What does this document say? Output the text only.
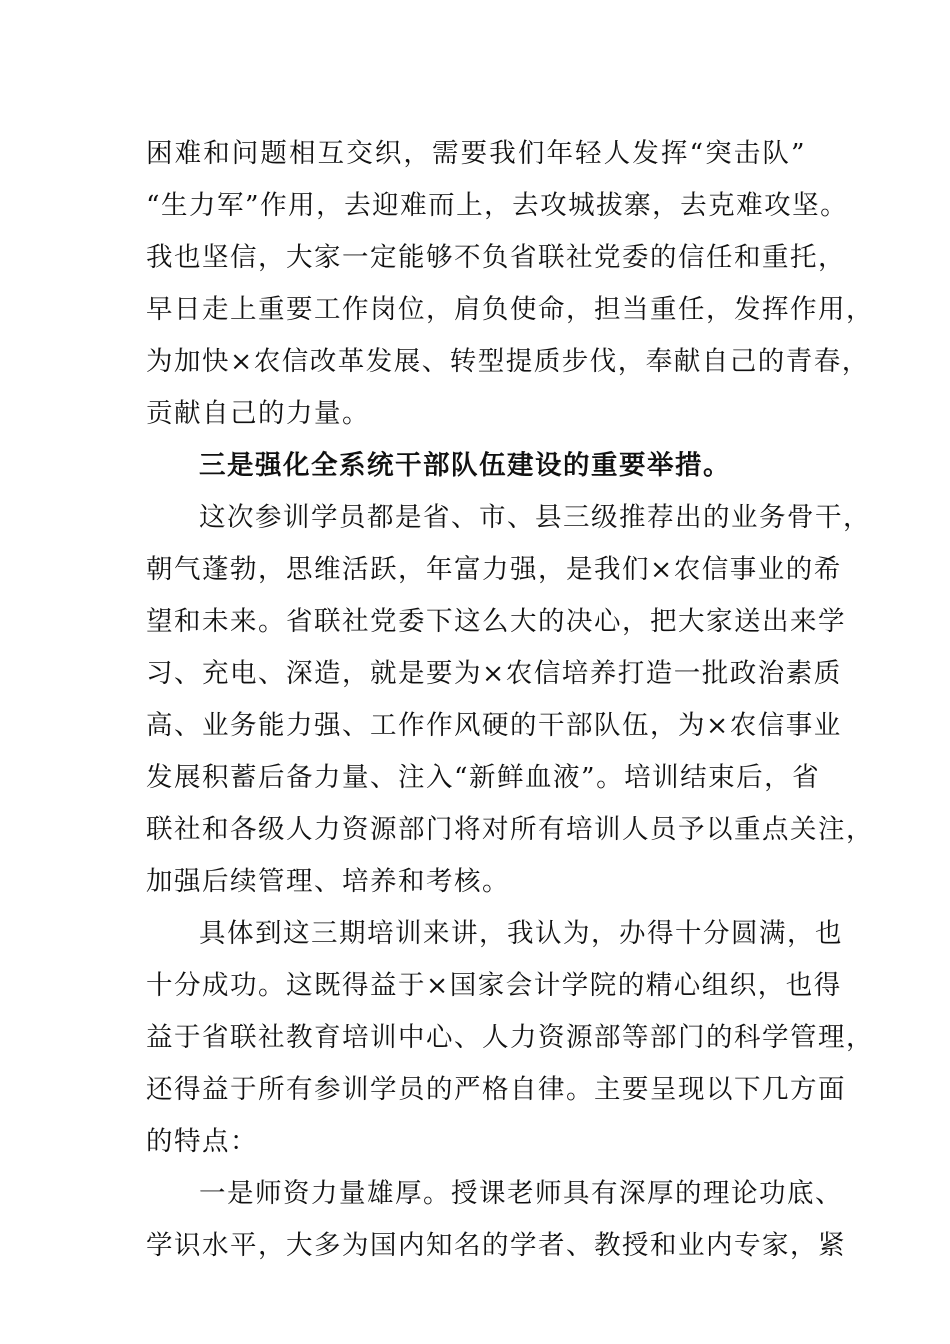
困难和问题相互交织，需要我们年轻人发挥“突击队”
“生力军”作用，去迎难而上，去攻城拔寨，去克难攻坚。
我也坚信，大家一定能够不负省联社党委的信任和重托，
早日走上重要工作岗位，肩负使命，担当重任，发挥作用，
为加快×农信改革发展、转型提质步伐，奉献自己的青春，
贡献自己的力量。
三是强化全系统干部队伍建设的重要举措。
这次参训学员都是省、市、县三级推荐出的业务骨干，
朝气蓬勃，思维活跃，年富力强，是我们×农信事业的希
望和未来。省联社党委下这么大的决心，把大家送出来学
习、充电、深造，就是要为×农信培养打造一批政治素质
高、业务能力强、工作作风硬的干部队伍，为×农信事业
发展积蓄后备力量、注入“新鲜血液”。培训结束后，省
联社和各级人力资源部门将对所有培训人员予以重点关注，
加强后续管理、培养和考核。
具体到这三期培训来讲，我认为，办得十分圆满，也
十分成功。这既得益于×国家会计学院的精心组织，也得
益于省联社教育培训中心、人力资源部等部门的科学管理，
还得益于所有参训学员的严格自律。主要呈现以下几方面
的特点：
一是师资力量雄厚。授课老师具有深厚的理论功底、
学识水平，大多为国内知名的学者、教授和业内专家，紧
